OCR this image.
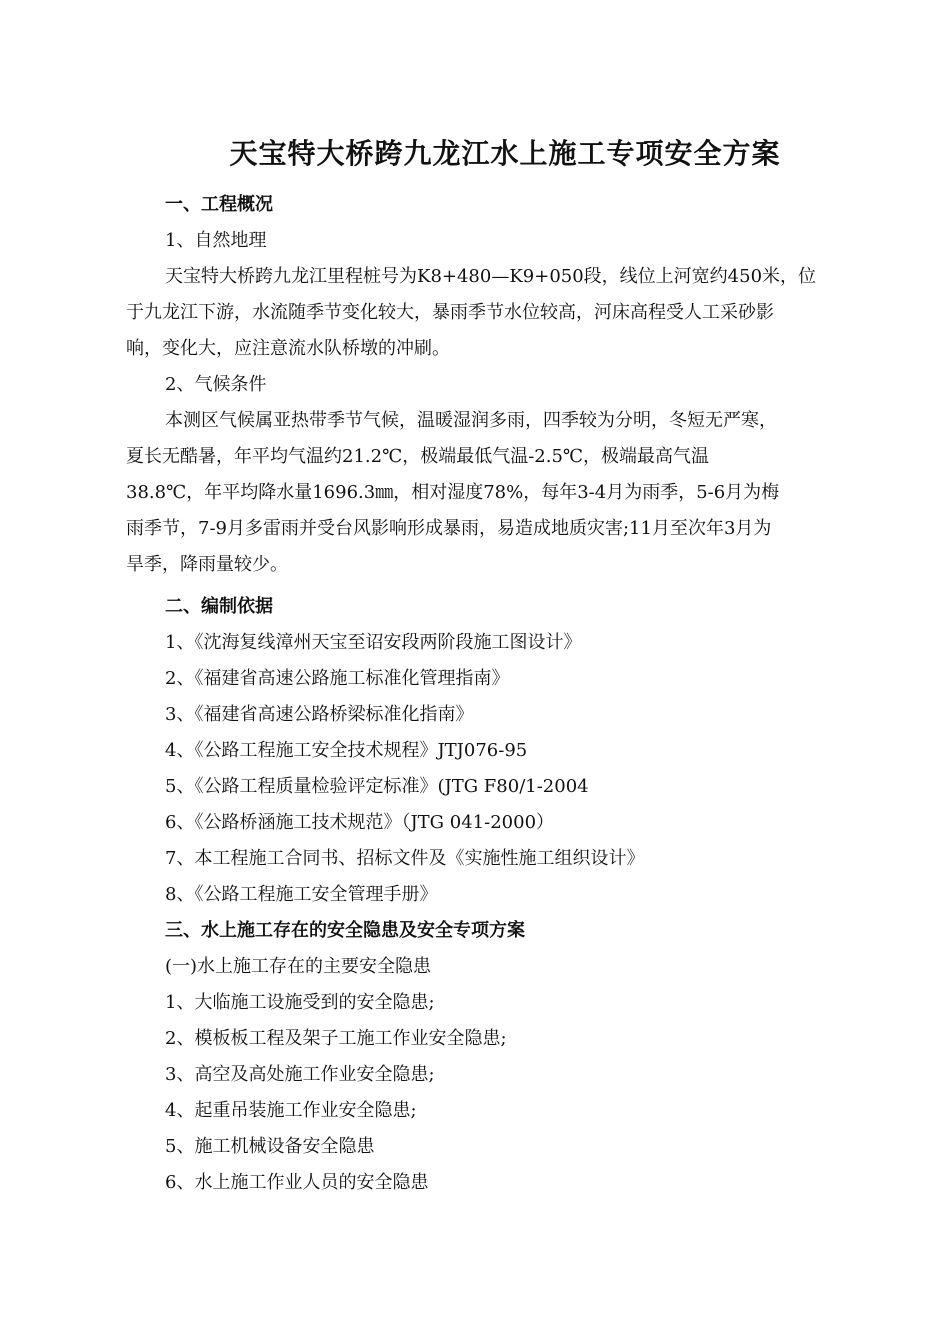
天宝特大桥跨九龙江水上施工专项安全方案
一、工程概况
1、自然地理
天宝特大桥跨九龙江里程桩号为K8+480—K9+050段，线位上河宽约450米，位
于九龙江下游，水流随季节变化较大，暴雨季节水位较高，河床高程受人工采砂影
响，变化大，应注意流水队桥墩的冲刷。
2、气候条件
本测区气候属亚热带季节气候，温暖湿润多雨，四季较为分明，冬短无严寒，
夏长无酷暑，年平均气温约21.2℃，极端最低气温-2.5℃，极端最高气温
38.8℃，年平均降水量1696.3㎜，相对湿度78%，每年3-4月为雨季，5-6月为梅
雨季节，7-9月多雷雨并受台风影响形成暴雨，易造成地质灾害;11月至次年3月为
旱季，降雨量较少。
二、编制依据
1、《沈海复线漳州天宝至诏安段两阶段施工图设计》
2、《福建省高速公路施工标准化管理指南》
3、《福建省高速公路桥梁标准化指南》
4、《公路工程施工安全技术规程》JTJ076-95
5、《公路工程质量检验评定标准》(JTG F80/1-2004
6、《公路桥涵施工技术规范》（JTG 041-2000）
7、本工程施工合同书、招标文件及《实施性施工组织设计》
8、《公路工程施工安全管理手册》
三、水上施工存在的安全隐患及安全专项方案
(一)水上施工存在的主要安全隐患
1、大临施工设施受到的安全隐患;
2、模板板工程及架子工施工作业安全隐患;
3、高空及高处施工作业安全隐患;
4、起重吊装施工作业安全隐患;
5、施工机械设备安全隐患
6、水上施工作业人员的安全隐患
